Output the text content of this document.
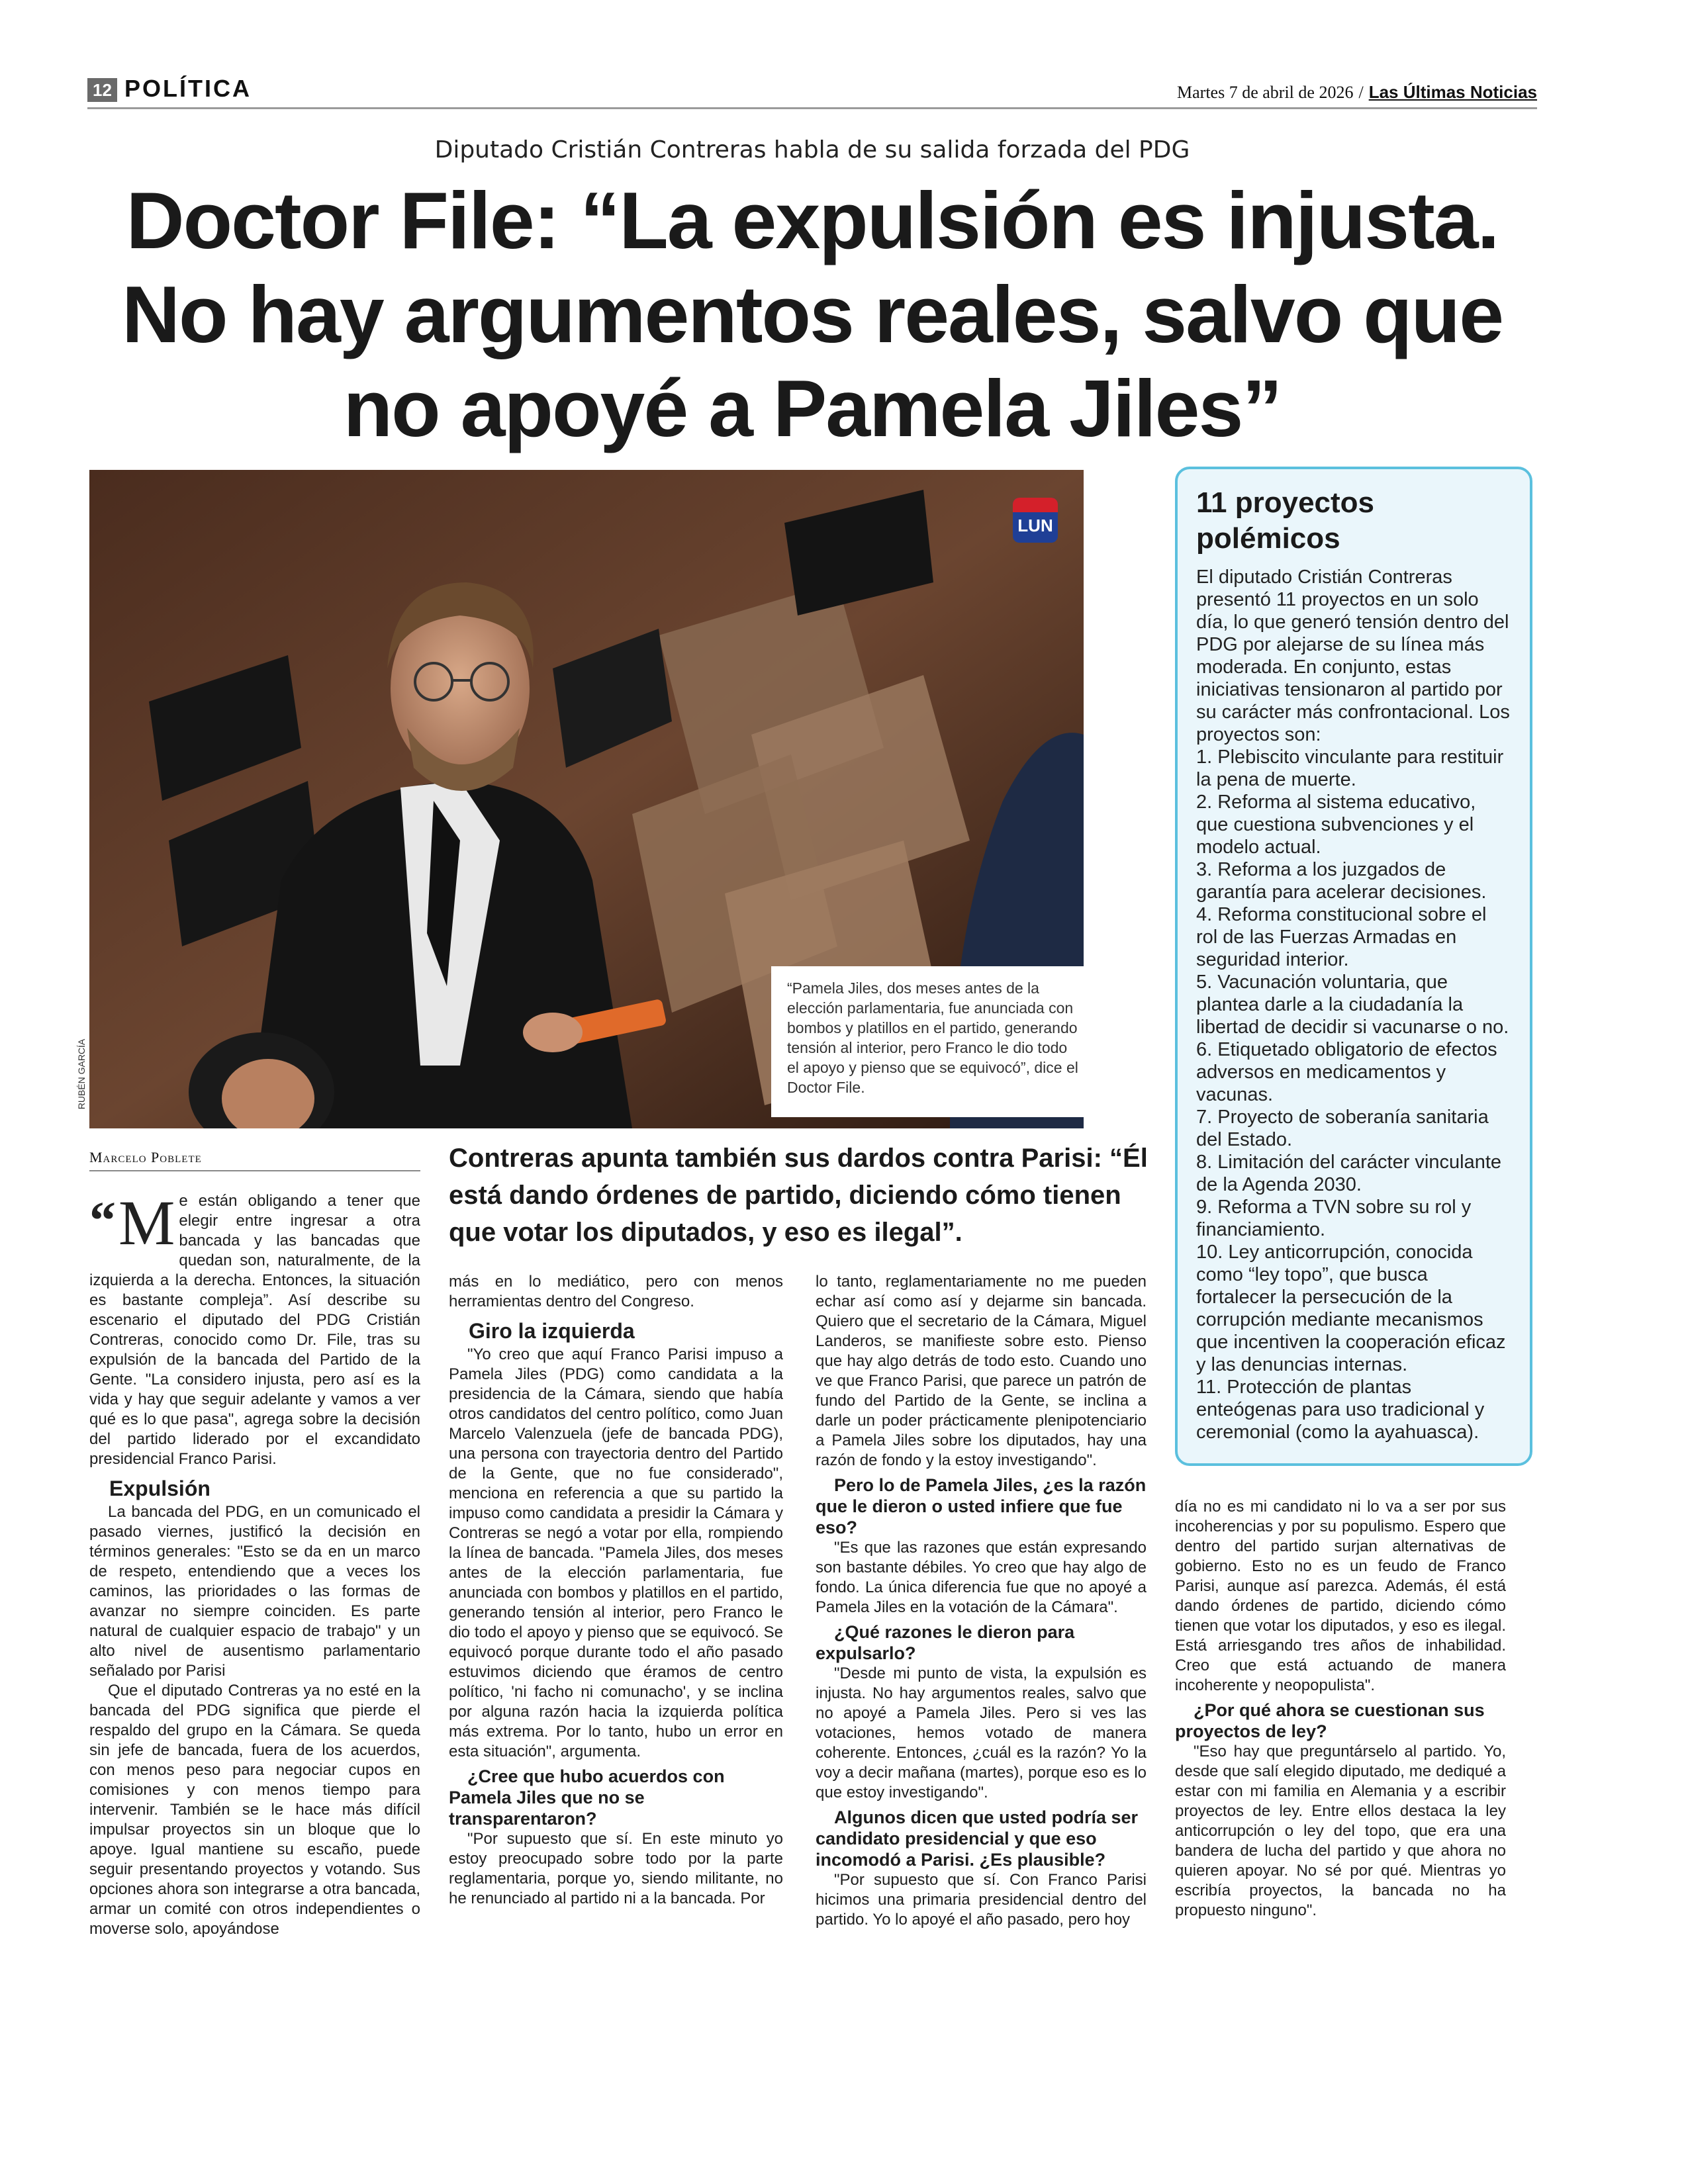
12 POLÍTICA	Martes 7 de abril de 2026 / Las Últimas Noticias
Diputado Cristián Contreras habla de su salida forzada del PDG
Doctor File: “La expulsión es injusta.
No hay argumentos reales, salvo que
no apoyé a Pamela Jiles”
LUN
“Pamela Jiles, dos meses antes de la elección parlamentaria, fue anunciada con bombos y platillos en el partido, generando tensión al interior, pero Franco le dio todo el apoyo y pienso que se equivocó”, dice el Doctor File.
RUBÉN GARCÍA
11 proyectos polémicos
El diputado Cristián Contreras presentó 11 proyectos en un solo día, lo que generó tensión dentro del PDG por alejarse de su línea más moderada. En conjunto, estas iniciativas tensionaron al partido por su carácter más confrontacional. Los proyectos son:
1. Plebiscito vinculante para restituir la pena de muerte.
2. Reforma al sistema educativo, que cuestiona subvenciones y el modelo actual.
3. Reforma a los juzgados de garantía para acelerar decisiones.
4. Reforma constitucional sobre el rol de las Fuerzas Armadas en seguridad interior.
5. Vacunación voluntaria, que plantea darle a la ciudadanía la libertad de decidir si vacunarse o no.
6. Etiquetado obligatorio de efectos adversos en medicamentos y vacunas.
7. Proyecto de soberanía sanitaria del Estado.
8. Limitación del carácter vinculante de la Agenda 2030.
9. Reforma a TVN sobre su rol y financiamiento.
10. Ley anticorrupción, conocida como “ley topo”, que busca fortalecer la persecución de la corrupción mediante mecanismos que incentiven la cooperación eficaz y las denuncias internas.
11. Protección de plantas enteógenas para uso tradicional y ceremonial (como la ayahuasca).
Marcelo Poblete	Contreras apunta también sus dardos contra Parisi: “Él está dando órdenes de partido, diciendo cómo tienen que votar los diputados, y eso es ilegal”.

“ M e están obligando a tener que elegir entre ingresar a otra bancada y las bancadas que quedan son, naturalmente, de la izquierda a la derecha. Entonces, la situación es bastante compleja”. Así describe su escenario el diputado del PDG Cristián Contreras, conocido como Dr. File, tras su expulsión de la bancada del Partido de la Gente. "La considero injusta, pero así es la vida y hay que seguir adelante y vamos a ver qué es lo que pasa", agrega sobre la decisión del partido liderado por el excandidato presidencial Franco Parisi.

Expulsión

La bancada del PDG, en un comunicado el pasado viernes, justificó la decisión en términos generales: "Esto se da en un marco de respeto, entendiendo que a veces los caminos, las prioridades o las formas de avanzar no siempre coinciden. Es parte natural de cualquier espacio de trabajo" y un alto nivel de ausentismo parlamentario señalado por Parisi

Que el diputado Contreras ya no esté en la bancada del PDG significa que pierde el respaldo del grupo en la Cámara. Se queda sin jefe de bancada, fuera de los acuerdos, con menos peso para negociar cupos en comisiones y con menos tiempo para intervenir. También se le hace más difícil impulsar proyectos sin un bloque que lo apoye. Igual mantiene su escaño, puede seguir presentando proyectos y votando. Sus opciones ahora son integrarse a otra bancada, armar un comité con otros independientes o moverse solo, apoyándose

más en lo mediático, pero con menos herramientas dentro del Congreso.

Giro la izquierda

"Yo creo que aquí Franco Parisi impuso a Pamela Jiles (PDG) como candidata a la presidencia de la Cámara, siendo que había otros candidatos del centro político, como Juan Marcelo Valenzuela (jefe de bancada PDG), una persona con trayectoria dentro del Partido de la Gente, que no fue considerado", menciona en referencia a que su partido la impuso como candidata a presidir la Cámara y Contreras se negó a votar por ella, rompiendo la línea de bancada. "Pamela Jiles, dos meses antes de la elección parlamentaria, fue anunciada con bombos y platillos en el partido, generando tensión al interior, pero Franco le dio todo el apoyo y pienso que se equivocó. Se equivocó porque durante todo el año pasado estuvimos diciendo que éramos de centro político, 'ni facho ni comunacho', y se inclina por alguna razón hacia la izquierda política más extrema. Por lo tanto, hubo un error en esta situación", argumenta.

¿Cree que hubo acuerdos con Pamela Jiles que no se transparentaron?

"Por supuesto que sí. En este minuto yo estoy preocupado sobre todo por la parte reglamentaria, porque yo, siendo militante, no he renunciado al partido ni a la bancada. Por

lo tanto, reglamentariamente no me pueden echar así como así y dejarme sin bancada. Quiero que el secretario de la Cámara, Miguel Landeros, se manifieste sobre esto. Pienso que hay algo detrás de todo esto. Cuando uno ve que Franco Parisi, que parece un patrón de fundo del Partido de la Gente, se inclina a darle un poder prácticamente plenipotenciario a Pamela Jiles sobre los diputados, hay una razón de fondo y la estoy investigando".

Pero lo de Pamela Jiles, ¿es la razón que le dieron o usted infiere que fue eso?

"Es que las razones que están expresando son bastante débiles. Yo creo que hay algo de fondo. La única diferencia fue que no apoyé a Pamela Jiles en la votación de la Cámara".

¿Qué razones le dieron para expulsarlo?

"Desde mi punto de vista, la expulsión es injusta. No hay argumentos reales, salvo que no apoyé a Pamela Jiles. Pero si ves las votaciones, hemos votado de manera coherente. Entonces, ¿cuál es la razón? Yo la voy a decir mañana (martes), porque eso es lo que estoy investigando".

Algunos dicen que usted podría ser candidato presidencial y que eso incomodó a Parisi. ¿Es plausible?

"Por supuesto que sí. Con Franco Parisi hicimos una primaria presidencial dentro del partido. Yo lo apoyé el año pasado, pero hoy

día no es mi candidato ni lo va a ser por sus incoherencias y por su populismo. Espero que dentro del partido surjan alternativas de gobierno. Esto no es un feudo de Franco Parisi, aunque así parezca. Además, él está dando órdenes de partido, diciendo cómo tienen que votar los diputados, y eso es ilegal. Está arriesgando tres años de inhabilidad. Creo que está actuando de manera incoherente y neopopulista".

¿Por qué ahora se cuestionan sus proyectos de ley?

"Eso hay que preguntárselo al partido. Yo, desde que salí elegido diputado, me dediqué a estar con mi familia en Alemania y a escribir proyectos de ley. Entre ellos destaca la ley anticorrupción o ley del topo, que era una bandera de lucha del partido y que ahora no quieren apoyar. No sé por qué. Mientras yo escribía proyectos, la bancada no ha propuesto ninguno".
